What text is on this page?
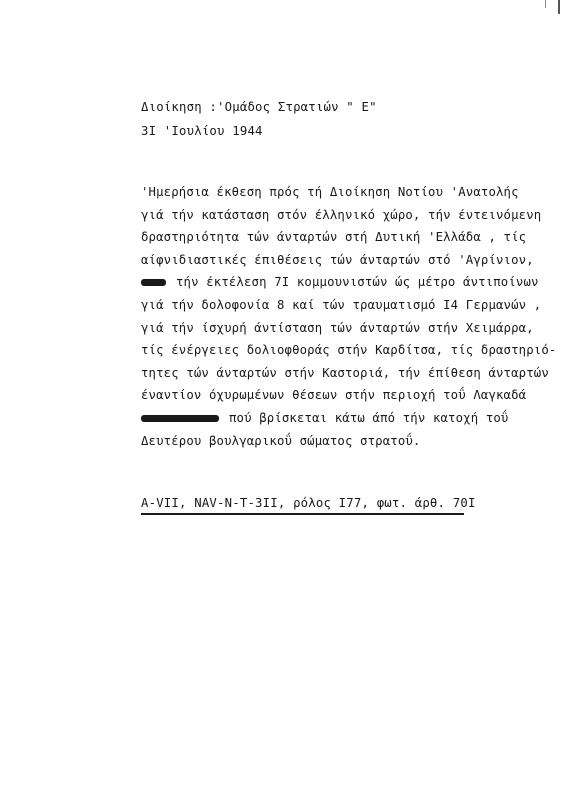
Διοίκηση :'Ομάδος Στρατιών " Ε"
3Ι 'Ιουλίου 1944
'Ημερήσια έκθεση πρός τή Διοίκηση Νοτίου 'Ανατολής
γιά τήν κατάσταση στόν έλληνικό χώρο, τήν έντεινόμενη
δραστηριότητα τών άνταρτών στή Δυτική 'Ελλάδα , τίς
αίφνιδιαστικές έπιθέσεις τών άνταρτών στό 'Αγρίνιον,
τήν έκτέλεση 7Ι κομμουνιστών ώς μέτρο άντιποίνων
γιά τήν δολοφονία 8 καί τών τραυματισμό Ι4 Γερμανών ,
γιά τήν ίσχυρή άντίσταση τών άνταρτών στήν Χειμάρρα,
τίς ένέργειες δολιοφθοράς στήν Καρδίτσα, τίς δραστηριό-
τητες τών άνταρτών στήν Καστοριά, τήν έπίθεση άνταρτών
έναντίον όχυρωμένων θέσεων στήν περιοχή τοΰ Λαγκαδά
πού βρίσκεται κάτω άπό τήν κατοχή τοΰ
Δευτέρου βουλγαρικοΰ σώματος στρατοΰ.
A-VII, NAV-N-T-3ΙΙ, ρόλος Ι77, φωτ. άρθ. 70Ι
